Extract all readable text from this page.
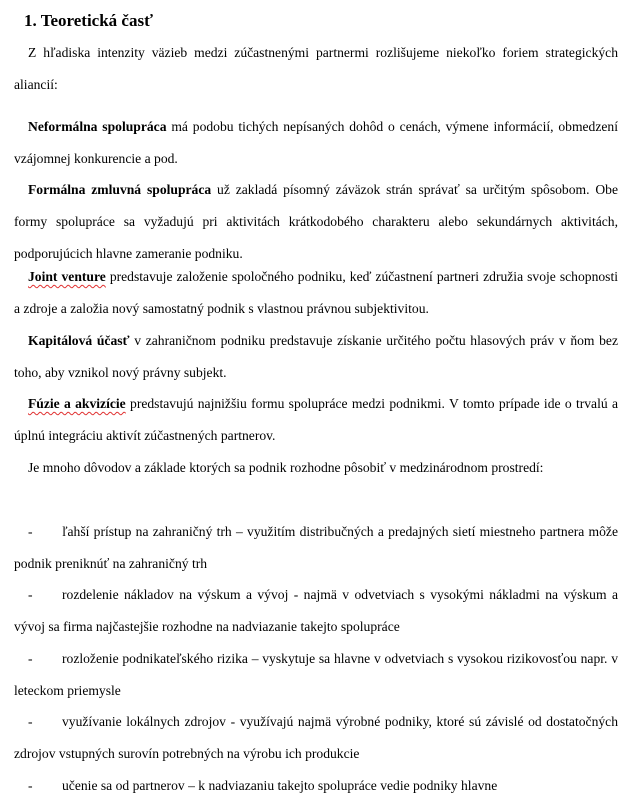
1. Teoretická časť

Z hľadiska intenzity väzieb medzi zúčastnenými partnermi rozlišujeme niekoľko foriem strategických aliancií:

Neformálna spolupráca má podobu tichých nepísaných dohôd o cenách, výmene informácií, obmedzení vzájomnej konkurencie a pod.

Formálna zmluvná spolupráca už zakladá písomný záväzok strán správať sa určitým spôsobom. Obe formy spolupráce sa vyžadujú pri aktivitách krátkodobého charakteru alebo sekundárnych aktivitách, podporujúcich hlavne zameranie podniku.

Joint venture predstavuje založenie spoločného podniku, keď zúčastnení partneri združia svoje schopnosti a zdroje a založia nový samostatný podnik s vlastnou právnou subjektivitou.

Kapitálová účasť v zahraničnom podniku predstavuje získanie určitého počtu hlasových práv v ňom bez toho, aby vznikol nový právny subjekt.

Fúzie a akvizície predstavujú najnižšiu formu spolupráce medzi podnikmi. V tomto prípade ide o trvalú a úplnú integráciu aktivít zúčastnených partnerov.

Je mnoho dôvodov a základe ktorých sa podnik rozhodne pôsobiť v medzinárodnom prostredí:

- ľahší prístup na zahraničný trh – využitím distribučných a predajných sietí miestneho partnera môže podnik preniknúť na zahraničný trh

- rozdelenie nákladov na výskum a vývoj - najmä v odvetviach s vysokými nákladmi na výskum a vývoj sa firma najčastejšie rozhodne na nadviazanie takejto spolupráce

- rozloženie podnikateľského rizika – vyskytuje sa hlavne v odvetviach s vysokou rizikovosťou napr. v leteckom priemysle

- využívanie lokálnych zdrojov - využívajú najmä výrobné podniky, ktoré sú závislé od dostatočných zdrojov vstupných surovín potrebných na výrobu ich produkcie

- učenie sa od partnerov – k nadviazaniu takejto spolupráce vedie podniky hlavne
